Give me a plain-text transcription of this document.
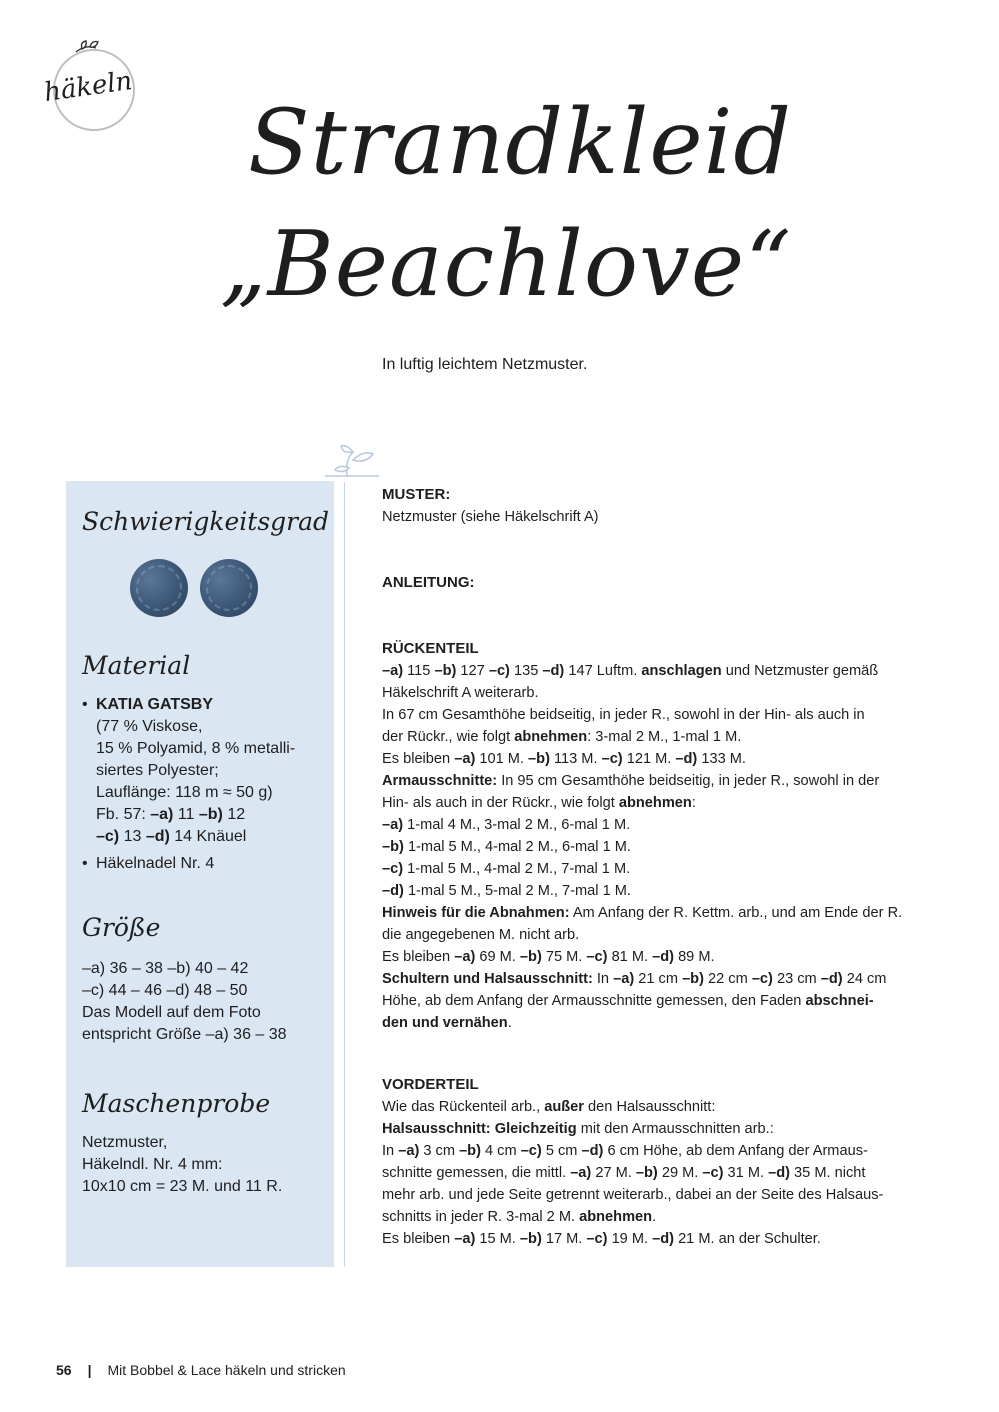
häkeln
Strandkleid
„Beachlove“
In luftig leichtem Netzmuster.
Schwierigkeitsgrad
Material
• KATIA GATSBY
(77 % Viskose,
15 % Polyamid, 8 % metalli-
siertes Polyester;
Lauflänge: 118 m ≈ 50 g)
Fb. 57: –a) 11 –b) 12
–c) 13 –d) 14 Knäuel
• Häkelnadel Nr. 4
Größe
–a) 36 – 38 –b) 40 – 42
–c) 44 – 46 –d) 48 – 50
Das Modell auf dem Foto
entspricht Größe –a) 36 – 38
Maschenprobe
Netzmuster,
Häkelndl. Nr. 4 mm:
10x10 cm = 23 M. und 11 R.
MUSTER:
Netzmuster (siehe Häkelschrift A)
ANLEITUNG:
RÜCKENTEIL
–a) 115 –b) 127 –c) 135 –d) 147 Luftm. anschlagen und Netzmuster gemäß
Häkelschrift A weiterarb.
In 67 cm Gesamthöhe beidseitig, in jeder R., sowohl in der Hin- als auch in
der Rückr., wie folgt abnehmen: 3-mal 2 M., 1-mal 1 M.
Es bleiben –a) 101 M. –b) 113 M. –c) 121 M. –d) 133 M.
Armausschnitte: In 95 cm Gesamthöhe beidseitig, in jeder R., sowohl in der
Hin- als auch in der Rückr., wie folgt abnehmen:
–a) 1-mal 4 M., 3-mal 2 M., 6-mal 1 M.
–b) 1-mal 5 M., 4-mal 2 M., 6-mal 1 M.
–c) 1-mal 5 M., 4-mal 2 M., 7-mal 1 M.
–d) 1-mal 5 M., 5-mal 2 M., 7-mal 1 M.
Hinweis für die Abnahmen: Am Anfang der R. Kettm. arb., und am Ende der R.
die angegebenen M. nicht arb.
Es bleiben –a) 69 M. –b) 75 M. –c) 81 M. –d) 89 M.
Schultern und Halsausschnitt: In –a) 21 cm –b) 22 cm –c) 23 cm –d) 24 cm
Höhe, ab dem Anfang der Armausschnitte gemessen, den Faden abschnei-
den und vernähen.
VORDERTEIL
Wie das Rückenteil arb., außer den Halsausschnitt:
Halsausschnitt: Gleichzeitig mit den Armausschnitten arb.:
In –a) 3 cm –b) 4 cm –c) 5 cm –d) 6 cm Höhe, ab dem Anfang der Armaus-
schnitte gemessen, die mittl. –a) 27 M. –b) 29 M. –c) 31 M. –d) 35 M. nicht
mehr arb. und jede Seite getrennt weiterarb., dabei an der Seite des Halsaus-
schnitts in jeder R. 3-mal 2 M. abnehmen.
Es bleiben –a) 15 M. –b) 17 M. –c) 19 M. –d) 21 M. an der Schulter.
56 | Mit Bobbel & Lace häkeln und stricken
